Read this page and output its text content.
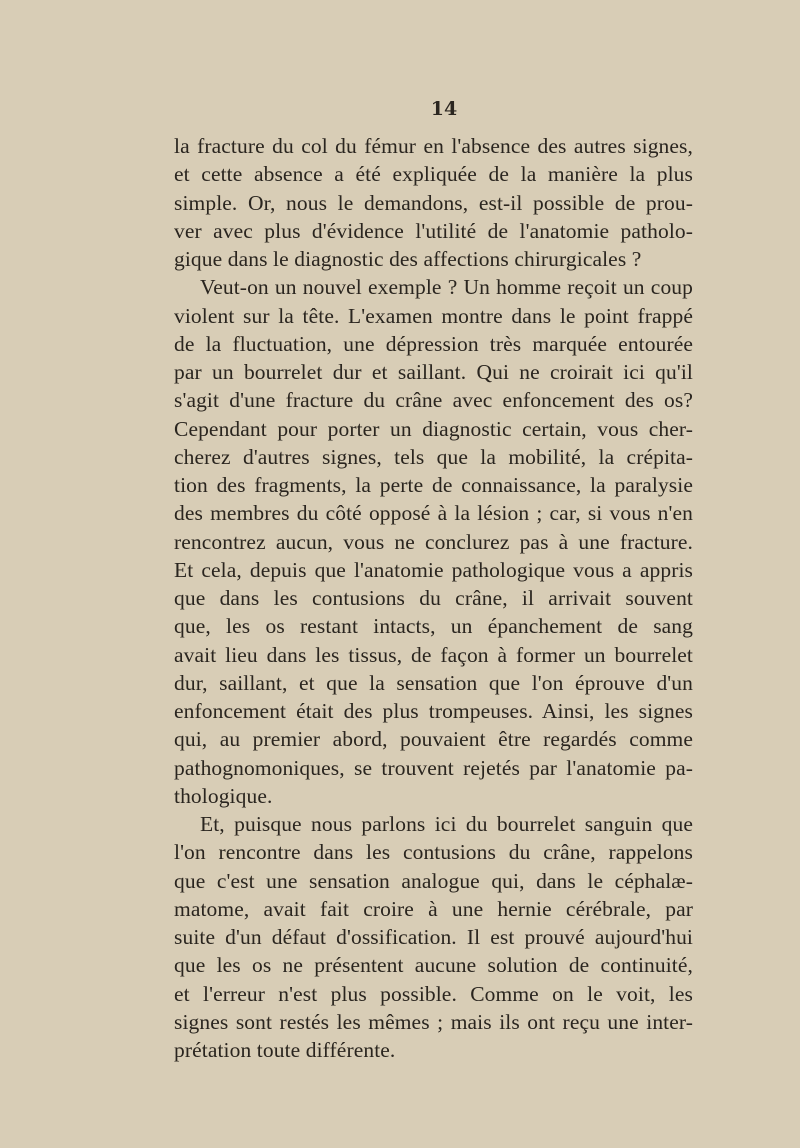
14
la fracture du col du fémur en l'absence des autres signes,
et cette absence a été expliquée de la manière la plus
simple. Or, nous le demandons, est-il possible de prou-
ver avec plus d'évidence l'utilité de l'anatomie patholo-
gique dans le diagnostic des affections chirurgicales ?
Veut-on un nouvel exemple ? Un homme reçoit un coup
violent sur la tête. L'examen montre dans le point frappé
de la fluctuation, une dépression très marquée entourée
par un bourrelet dur et saillant. Qui ne croirait ici qu'il
s'agit d'une fracture du crâne avec enfoncement des os?
Cependant pour porter un diagnostic certain, vous cher-
cherez d'autres signes, tels que la mobilité, la crépita-
tion des fragments, la perte de connaissance, la paralysie
des membres du côté opposé à la lésion ; car, si vous n'en
rencontrez aucun, vous ne conclurez pas à une fracture.
Et cela, depuis que l'anatomie pathologique vous a appris
que dans les contusions du crâne, il arrivait souvent
que, les os restant intacts, un épanchement de sang
avait lieu dans les tissus, de façon à former un bourrelet
dur, saillant, et que la sensation que l'on éprouve d'un
enfoncement était des plus trompeuses. Ainsi, les signes
qui, au premier abord, pouvaient être regardés comme
pathognomoniques, se trouvent rejetés par l'anatomie pa-
thologique.
Et, puisque nous parlons ici du bourrelet sanguin que
l'on rencontre dans les contusions du crâne, rappelons
que c'est une sensation analogue qui, dans le céphalæ-
matome, avait fait croire à une hernie cérébrale, par
suite d'un défaut d'ossification. Il est prouvé aujourd'hui
que les os ne présentent aucune solution de continuité,
et l'erreur n'est plus possible. Comme on le voit, les
signes sont restés les mêmes ; mais ils ont reçu une inter-
prétation toute différente.
